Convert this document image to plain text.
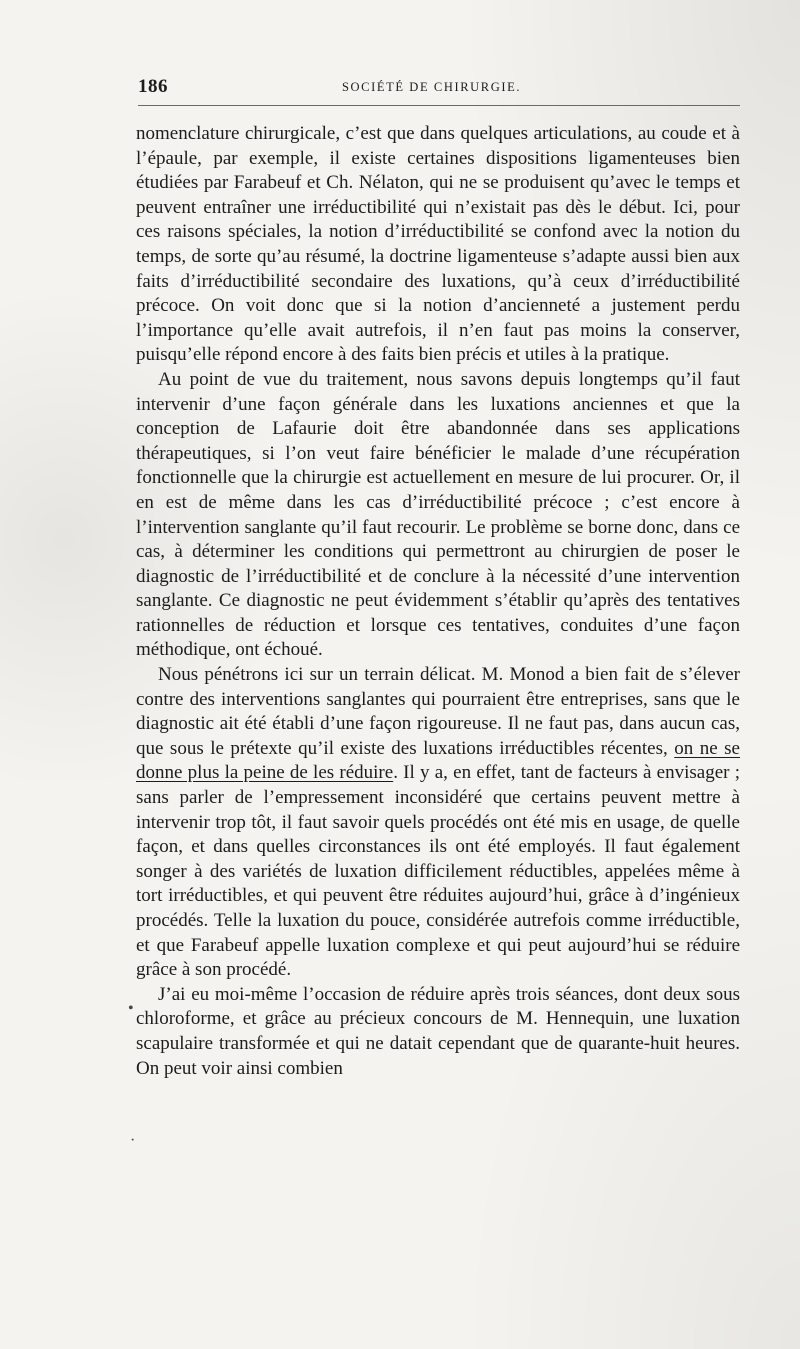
186	SOCIÉTÉ DE CHIRURGIE.
•
·

nomenclature chirurgicale, c’est que dans quelques articulations, au coude et à l’épaule, par exemple, il existe certaines dispositions ligamenteuses bien étudiées par Farabeuf et Ch. Nélaton, qui ne se produisent qu’avec le temps et peuvent entraîner une irréductibilité qui n’existait pas dès le début. Ici, pour ces raisons spéciales, la notion d’irréductibilité se confond avec la notion du temps, de sorte qu’au résumé, la doctrine ligamenteuse s’adapte aussi bien aux faits d’irréductibilité secondaire des luxations, qu’à ceux d’irréductibilité précoce. On voit donc que si la notion d’ancienneté a justement perdu l’importance qu’elle avait autrefois, il n’en faut pas moins la conserver, puisqu’elle répond encore à des faits bien précis et utiles à la pratique.

Au point de vue du traitement, nous savons depuis longtemps qu’il faut intervenir d’une façon générale dans les luxations anciennes et que la conception de Lafaurie doit être abandonnée dans ses applications thérapeutiques, si l’on veut faire bénéficier le malade d’une récupération fonctionnelle que la chirurgie est actuellement en mesure de lui procurer. Or, il en est de même dans les cas d’irréductibilité précoce ; c’est encore à l’intervention sanglante qu’il faut recourir. Le problème se borne donc, dans ce cas, à déterminer les conditions qui permettront au chirurgien de poser le diagnostic de l’irréductibilité et de conclure à la nécessité d’une intervention sanglante. Ce diagnostic ne peut évidemment s’établir qu’après des tentatives rationnelles de réduction et lorsque ces tentatives, conduites d’une façon méthodique, ont échoué.

Nous pénétrons ici sur un terrain délicat. M. Monod a bien fait de s’élever contre des interventions sanglantes qui pourraient être entreprises, sans que le diagnostic ait été établi d’une façon rigoureuse. Il ne faut pas, dans aucun cas, que sous le prétexte qu’il existe des luxations irréductibles récentes, on ne se donne plus la peine de les réduire. Il y a, en effet, tant de facteurs à envisager ; sans parler de l’empressement inconsidéré que certains peuvent mettre à intervenir trop tôt, il faut savoir quels procédés ont été mis en usage, de quelle façon, et dans quelles circonstances ils ont été employés. Il faut également songer à des variétés de luxation difficilement réductibles, appelées même à tort irréductibles, et qui peuvent être réduites aujourd’hui, grâce à d’ingénieux procédés. Telle la luxation du pouce, considérée autrefois comme irréductible, et que Farabeuf appelle luxation complexe et qui peut aujourd’hui se réduire grâce à son procédé.

J’ai eu moi-même l’occasion de réduire après trois séances, dont deux sous chloroforme, et grâce au précieux concours de M. Hennequin, une luxation scapulaire transformée et qui ne datait cependant que de quarante-huit heures. On peut voir ainsi combien
